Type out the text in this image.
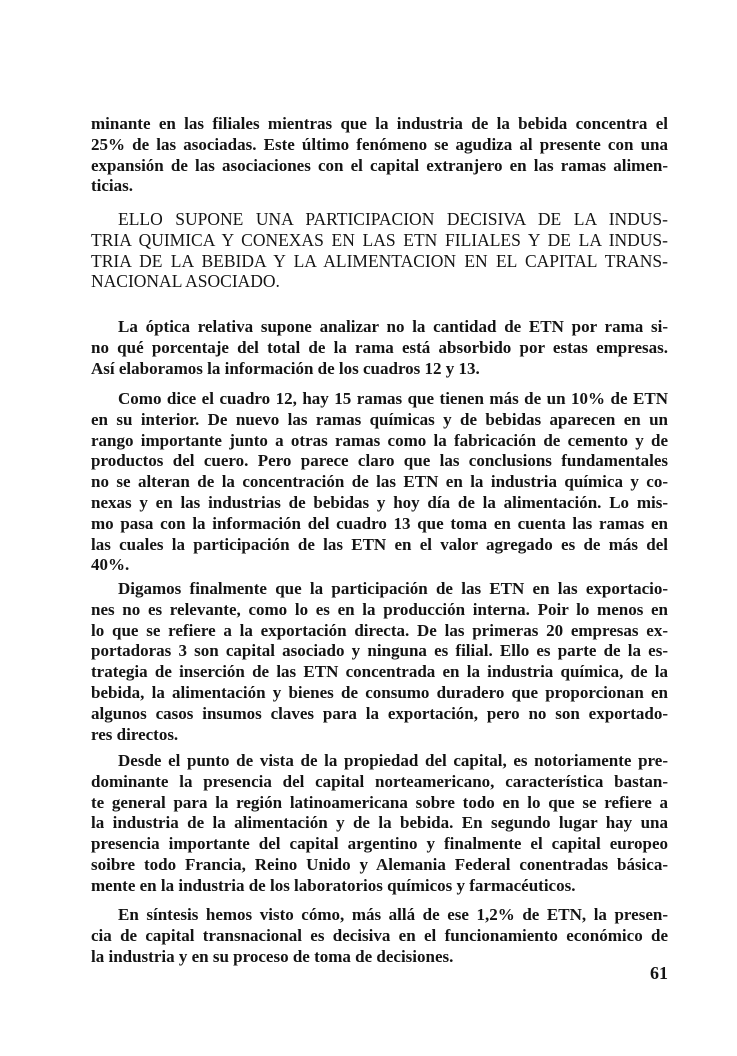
minante en las filiales mientras que la industria de la bebida concentra el
25% de las asociadas. Este último fenómeno se agudiza al presente con una
expansión de las asociaciones con el capital extranjero en las ramas alimen-
ticias.
ELLO SUPONE UNA PARTICIPACION DECISIVA DE LA INDUS-
TRIA QUIMICA Y CONEXAS EN LAS ETN FILIALES Y DE LA INDUS-
TRIA DE LA BEBIDA Y LA ALIMENTACION EN EL CAPITAL TRANS-
NACIONAL ASOCIADO.
La óptica relativa supone analizar no la cantidad de ETN por rama si-
no qué porcentaje del total de la rama está absorbido por estas empresas.
Así elaboramos la información de los cuadros 12 y 13.
Como dice el cuadro 12, hay 15 ramas que tienen más de un 10% de ETN
en su interior. De nuevo las ramas químicas y de bebidas aparecen en un
rango importante junto a otras ramas como la fabricación de cemento y de
productos del cuero. Pero parece claro que las conclusions fundamentales
no se alteran de la concentración de las ETN en la industria química y co-
nexas y en las industrias de bebidas y hoy día de la alimentación. Lo mis-
mo pasa con la información del cuadro 13 que toma en cuenta las ramas en
las cuales la participación de las ETN en el valor agregado es de más del
40%.
Digamos finalmente que la participación de las ETN en las exportacio-
nes no es relevante, como lo es en la producción interna. Poir lo menos en
lo que se refiere a la exportación directa. De las primeras 20 empresas ex-
portadoras 3 son capital asociado y ninguna es filial. Ello es parte de la es-
trategia de inserción de las ETN concentrada en la industria química, de la
bebida, la alimentación y bienes de consumo duradero que proporcionan en
algunos casos insumos claves para la exportación, pero no son exportado-
res directos.
Desde el punto de vista de la propiedad del capital, es notoriamente pre-
dominante la presencia del capital norteamericano, característica bastan-
te general para la región latinoamericana sobre todo en lo que se refiere a
la industria de la alimentación y de la bebida. En segundo lugar hay una
presencia importante del capital argentino y finalmente el capital europeo
soibre todo Francia, Reino Unido y Alemania Federal conentradas básica-
mente en la industria de los laboratorios químicos y farmacéuticos.
En síntesis hemos visto cómo, más allá de ese 1,2% de ETN, la presen-
cia de capital transnacional es decisiva en el funcionamiento económico de
la industria y en su proceso de toma de decisiones.
61
